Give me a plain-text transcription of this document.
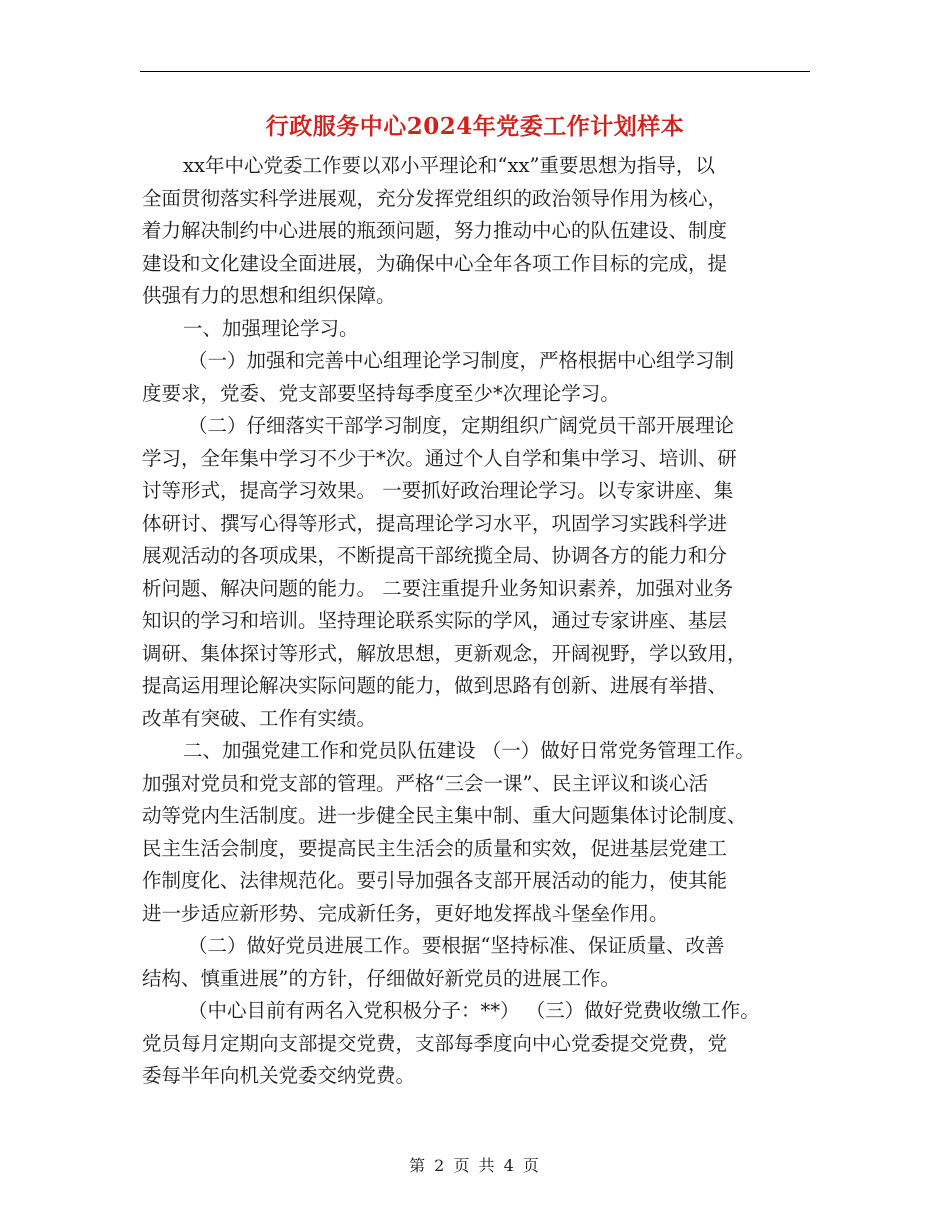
行政服务中心2024年党委工作计划样本
xx年中心党委工作要以邓小平理论和“xx”重要思想为指导，以
全面贯彻落实科学进展观，充分发挥党组织的政治领导作用为核心，
着力解决制约中心进展的瓶颈问题，努力推动中心的队伍建设、制度
建设和文化建设全面进展，为确保中心全年各项工作目标的完成，提
供强有力的思想和组织保障。
一、加强理论学习。
（一）加强和完善中心组理论学习制度，严格根据中心组学习制
度要求，党委、党支部要坚持每季度至少*次理论学习。
（二）仔细落实干部学习制度，定期组织广阔党员干部开展理论
学习，全年集中学习不少于*次。通过个人自学和集中学习、培训、研
讨等形式，提高学习效果。 一要抓好政治理论学习。以专家讲座、集
体研讨、撰写心得等形式，提高理论学习水平，巩固学习实践科学进
展观活动的各项成果，不断提高干部统揽全局、协调各方的能力和分
析问题、解决问题的能力。 二要注重提升业务知识素养，加强对业务
知识的学习和培训。坚持理论联系实际的学风，通过专家讲座、基层
调研、集体探讨等形式，解放思想，更新观念，开阔视野，学以致用，
提高运用理论解决实际问题的能力，做到思路有创新、进展有举措、
改革有突破、工作有实绩。
二、加强党建工作和党员队伍建设 （一）做好日常党务管理工作。
加强对党员和党支部的管理。严格“三会一课”、民主评议和谈心活
动等党内生活制度。进一步健全民主集中制、重大问题集体讨论制度、
民主生活会制度，要提高民主生活会的质量和实效，促进基层党建工
作制度化、法律规范化。要引导加强各支部开展活动的能力，使其能
进一步适应新形势、完成新任务，更好地发挥战斗堡垒作用。
（二）做好党员进展工作。要根据“坚持标准、保证质量、改善
结构、慎重进展”的方针，仔细做好新党员的进展工作。
（中心目前有两名入党积极分子：**） （三）做好党费收缴工作。
党员每月定期向支部提交党费，支部每季度向中心党委提交党费，党
委每半年向机关党委交纳党费。
第 2 页 共 4 页
